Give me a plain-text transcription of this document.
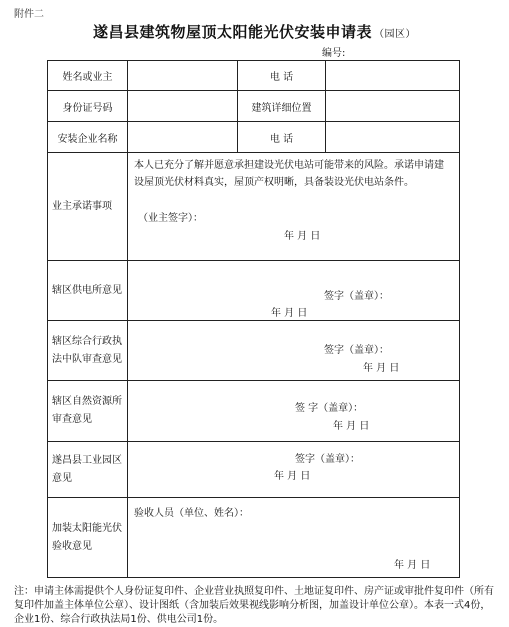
附件二
遂昌县建筑物屋顶太阳能光伏安装申请表 （园区）
编号:
姓名或业主		电 话	
身份证号码		建筑详细位置	
安装企业名称		电 话	
业主承诺事项	本人已充分了解并愿意承担建设光伏电站可能带来的风险。承诺申请建设屋顶光伏材料真实，屋顶产权明晰，具备装设光伏电站条件。
（业主签字）：
年 月 日		

辖区供电所意见	签字（盖章）：
年 月 日		

辖区综合行政执法中队审查意见	签字（盖章）：
年 月 日		

辖区自然资源所审查意见	签 字（盖章）：
年 月 日		

遂昌县工业园区意见	签字（盖章）：
年 月 日		

加装太阳能光伏验收意见	验收人员（单位、姓名）：
年 月 日		
注：申请主体需提供个人身份证复印件、企业营业执照复印件、土地证复印件、房产证或审批件复印件（所有复印件加盖主体单位公章）、设计图纸（含加装后效果视线影响分析图，加盖设计单位公章）。本表一式4份，企业1份、综合行政执法局1份、供电公司1份。
